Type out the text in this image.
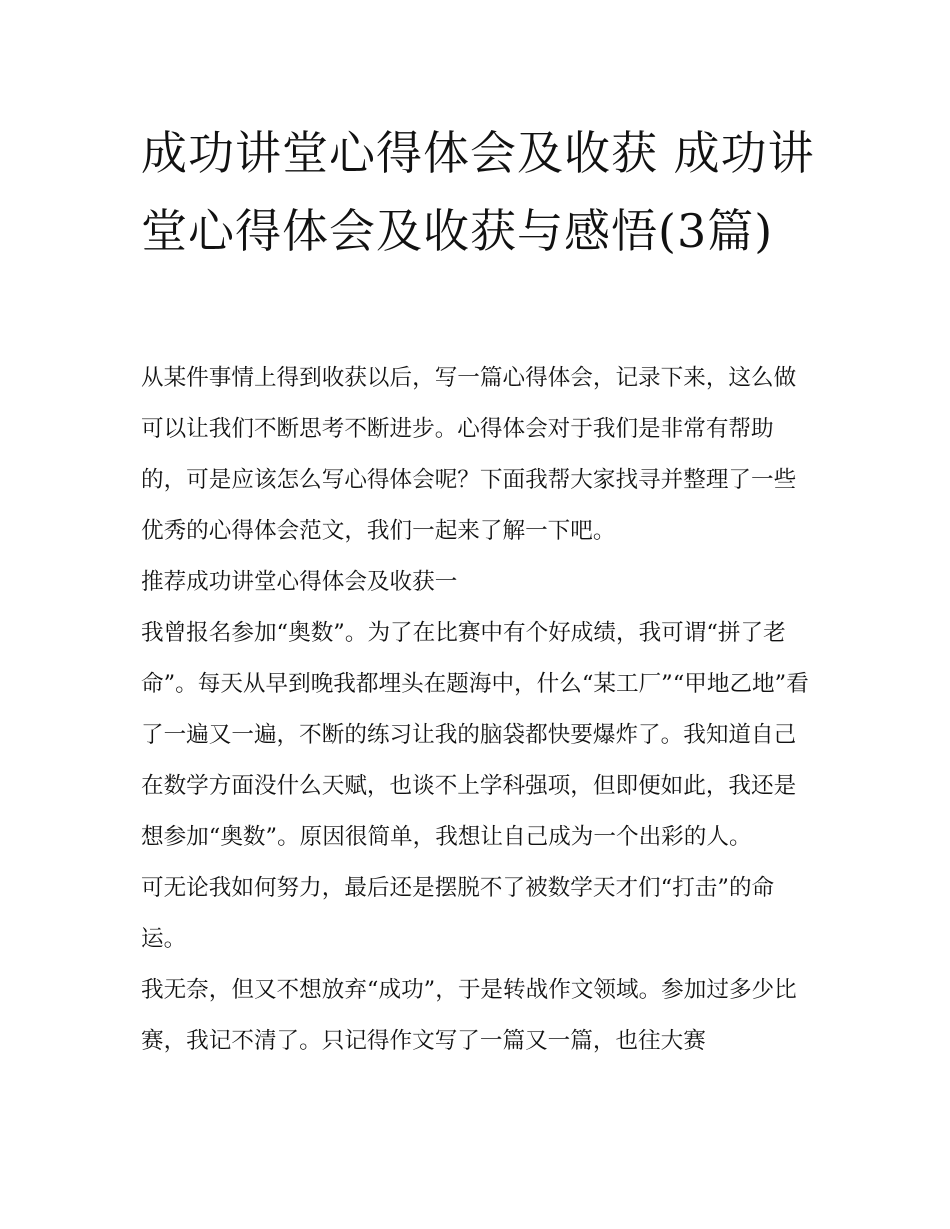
成功讲堂心得体会及收获 成功讲堂心得体会及收获与感悟(3篇)

从某件事情上得到收获以后，写一篇心得体会，记录下来，这么做可以让我们不断思考不断进步。心得体会对于我们是非常有帮助的，可是应该怎么写心得体会呢？下面我帮大家找寻并整理了一些优秀的心得体会范文，我们一起来了解一下吧。

推荐成功讲堂心得体会及收获一

我曾报名参加“奥数”。为了在比赛中有个好成绩，我可谓“拼了老命”。每天从早到晚我都埋头在题海中，什么“某工厂”“甲地乙地”看了一遍又一遍，不断的练习让我的脑袋都快要爆炸了。我知道自己在数学方面没什么天赋，也谈不上学科强项，但即便如此，我还是想参加“奥数”。原因很简单，我想让自己成为一个出彩的人。

可无论我如何努力，最后还是摆脱不了被数学天才们“打击”的命运。

我无奈，但又不想放弃“成功”，于是转战作文领域。参加过多少比赛，我记不清了。只记得作文写了一篇又一篇，也往大赛
